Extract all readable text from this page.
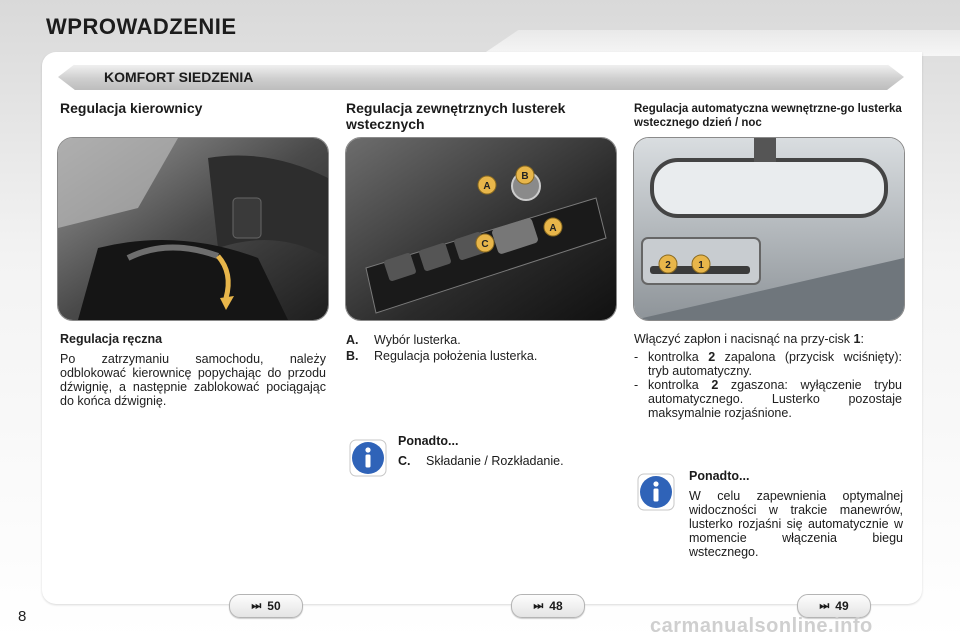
WPROWADZENIE
KOMFORT SIEDZENIA
Regulacja kierownicy	Regulacja zewnętrznych lusterek wstecznych
Regulacja automatyczna wewnętrzne-go lusterka wstecznego dzień / noc
A
B
C
A
2	1
Regulacja ręczna
Po zatrzymaniu samochodu, należy odblokować kierownicę popychając do przodu dźwignię, a następnie zablokować pociągając do końca dźwignię.
A.	Wybór lusterka.
B.	Regulacja położenia lusterka.
Ponadto...
C.	Składanie / Rozkładanie.
Włączyć zapłon i nacisnąć na przy-cisk 1:
- kontrolka 2 zapalona (przycisk wciśnięty): tryb automatyczny.
- kontrolka 2 zgaszona: wyłączenie trybu automatycznego. Lusterko pozostaje maksymalnie rozjaśnione.
Ponadto...
W celu zapewnienia optymalnej widoczności w trakcie manewrów, lusterko rozjaśni się automatycznie w momencie włączenia biegu wstecznego.
⏭ 50	⏭ 48	⏭ 49
8	carmanualsonline.info
